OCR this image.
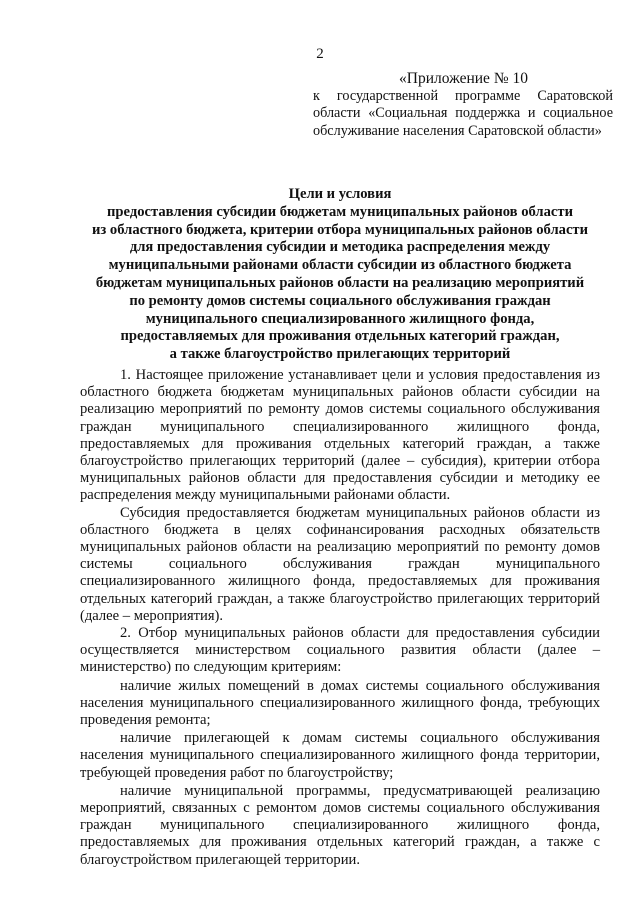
2
«Приложение № 10
к государственной программе Саратовской
области «Социальная поддержка и социальное
обслуживание населения Саратовской области»
Цели и условия
предоставления субсидии бюджетам муниципальных районов области
из областного бюджета, критерии отбора муниципальных районов области
для предоставления субсидии и методика распределения между
муниципальными районами области субсидии из областного бюджета
бюджетам муниципальных районов области на реализацию мероприятий
по ремонту домов системы социального обслуживания граждан
муниципального специализированного жилищного фонда,
предоставляемых для проживания отдельных категорий граждан,
а также благоустройство прилегающих территорий

1. Настоящее приложение устанавливает цели и условия предоставления из областного бюджета бюджетам муниципальных районов области субсидии на реализацию мероприятий по ремонту домов системы социального обслуживания граждан муниципального специализированного жилищного фонда, предоставляемых для проживания отдельных категорий граждан, а также благоустройство прилегающих территорий (далее – субсидия), критерии отбора муниципальных районов области для предоставления субсидии и методику ее распределения между муниципальными районами области.

Субсидия предоставляется бюджетам муниципальных районов области из областного бюджета в целях софинансирования расходных обязательств муниципальных районов области на реализацию мероприятий по ремонту домов системы социального обслуживания граждан муниципального специализированного жилищного фонда, предоставляемых для проживания отдельных категорий граждан, а также благоустройство прилегающих территорий (далее – мероприятия).

2. Отбор муниципальных районов области для предоставления субсидии осуществляется министерством социального развития области (далее – министерство) по следующим критериям:

наличие жилых помещений в домах системы социального обслуживания населения муниципального специализированного жилищного фонда, требующих проведения ремонта;

наличие прилегающей к домам системы социального обслуживания населения муниципального специализированного жилищного фонда территории, требующей проведения работ по благоустройству;

наличие муниципальной программы, предусматривающей реализацию мероприятий, связанных с ремонтом домов системы социального обслуживания граждан муниципального специализированного жилищного фонда, предоставляемых для проживания отдельных категорий граждан, а также с благоустройством прилегающей территории.
